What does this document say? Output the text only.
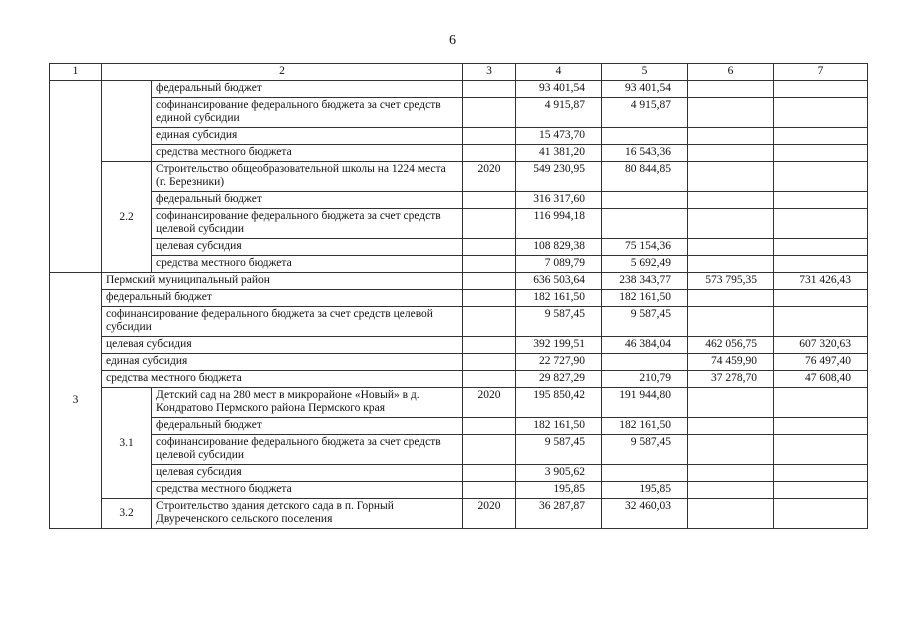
6
1	2		3	4	5	6	7
		федеральный бюджет		93 401,54	93 401,54		
		софинансирование федерального бюджета за счет средств единой субсидии		4 915,87	4 915,87		
		единая субсидия		15 473,70			
		средства местного бюджета		41 381,20	16 543,36		
	2.2	Строительство общеобразовательной школы на 1224 места (г. Березники)	2020	549 230,95	80 844,85		
		федеральный бюджет		316 317,60			
		софинансирование федерального бюджета за счет средств целевой субсидии		116 994,18			
		целевая субсидия		108 829,38	75 154,36		
		средства местного бюджета		7 089,79	5 692,49		
3	Пермский муниципальный район			636 503,64	238 343,77	573 795,35	731 426,43
	федеральный бюджет			182 161,50	182 161,50		
	софинансирование федерального бюджета за счет средств целевой субсидии			9 587,45	9 587,45		
	целевая субсидия			392 199,51	46 384,04	462 056,75	607 320,63
	единая субсидия			22 727,90		74 459,90	76 497,40
	средства местного бюджета			29 827,29	210,79	37 278,70	47 608,40
	3.1	Детский сад на 280 мест в микрорайоне «Новый» в д. Кондратово Пермского района Пермского края	2020	195 850,42	191 944,80		
		федеральный бюджет		182 161,50	182 161,50		
		софинансирование федерального бюджета за счет средств целевой субсидии		9 587,45	9 587,45		
		целевая субсидия		3 905,62			
		средства местного бюджета		195,85	195,85		
	3.2	Строительство здания детского сада в п. Горный Двуреченского сельского поселения	2020	36 287,87	32 460,03		
